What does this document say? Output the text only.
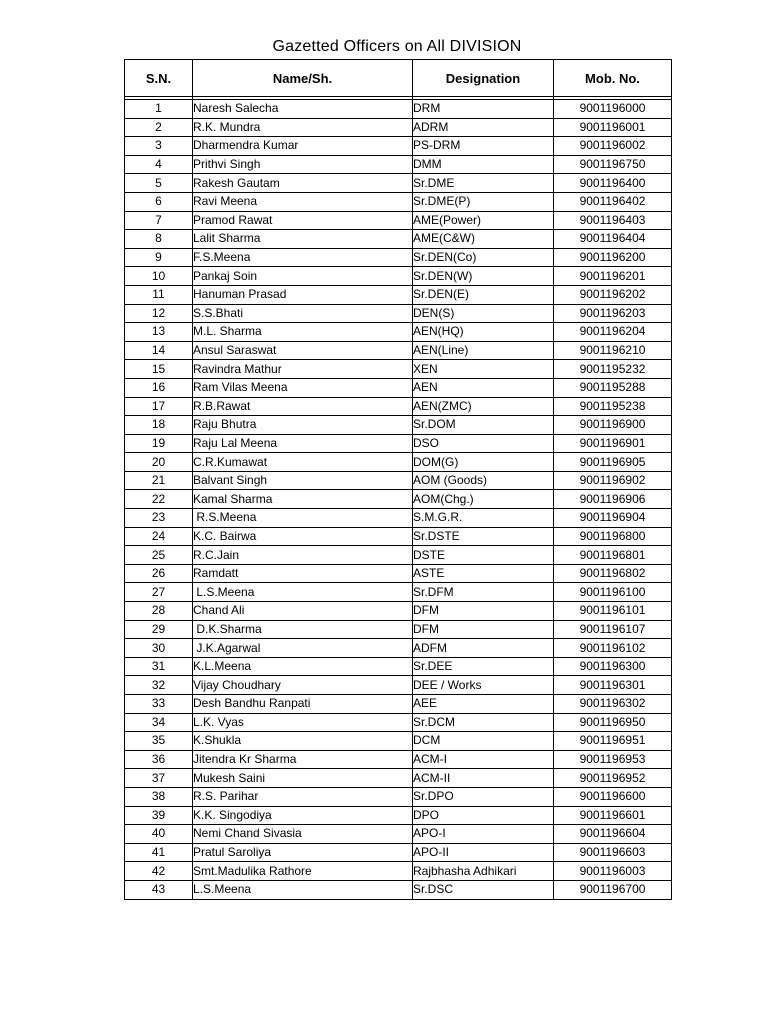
Gazetted Officers on All DIVISION
S.N.	Name/Sh.	Designation	Mob. No.

1	Naresh Salecha	DRM	9001196000
2	R.K. Mundra	ADRM	9001196001
3	Dharmendra Kumar	PS-DRM	9001196002
4	Prithvi Singh	DMM	9001196750
5	Rakesh Gautam	Sr.DME	9001196400
6	Ravi Meena	Sr.DME(P)	9001196402
7	Pramod Rawat	AME(Power)	9001196403
8	Lalit Sharma	AME(C&W)	9001196404
9	F.S.Meena	Sr.DEN(Co)	9001196200
10	Pankaj Soin	Sr.DEN(W)	9001196201
11	Hanuman Prasad	Sr.DEN(E)	9001196202
12	S.S.Bhati	DEN(S)	9001196203
13	M.L. Sharma	AEN(HQ)	9001196204
14	Ansul Saraswat	AEN(Line)	9001196210
15	Ravindra Mathur	XEN	9001195232
16	Ram Vilas Meena	AEN	9001195288
17	R.B.Rawat	AEN(ZMC)	9001195238
18	Raju Bhutra	Sr.DOM	9001196900
19	Raju Lal Meena	DSO	9001196901
20	C.R.Kumawat	DOM(G)	9001196905
21	Balvant Singh	AOM (Goods)	9001196902
22	Kamal Sharma	AOM(Chg.)	9001196906
23	R.S.Meena	S.M.G.R.	9001196904
24	K.C. Bairwa	Sr.DSTE	9001196800
25	R.C.Jain	DSTE	9001196801
26	Ramdatt	ASTE	9001196802
27	L.S.Meena	Sr.DFM	9001196100
28	Chand Ali	DFM	9001196101
29	D.K.Sharma	DFM	9001196107
30	J.K.Agarwal	ADFM	9001196102
31	K.L.Meena	Sr.DEE	9001196300
32	Vijay Choudhary	DEE / Works	9001196301
33	Desh Bandhu Ranpati	AEE	9001196302
34	L.K. Vyas	Sr.DCM	9001196950
35	K.Shukla	DCM	9001196951
36	Jitendra Kr Sharma	ACM-I	9001196953
37	Mukesh Saini	ACM-II	9001196952
38	R.S. Parihar	Sr.DPO	9001196600
39	K.K. Singodiya	DPO	9001196601
40	Nemi Chand Sivasia	APO-I	9001196604
41	Pratul Saroliya	APO-II	9001196603
42	Smt.Madulika Rathore	Rajbhasha Adhikari	9001196003
43	L.S.Meena	Sr.DSC	9001196700
